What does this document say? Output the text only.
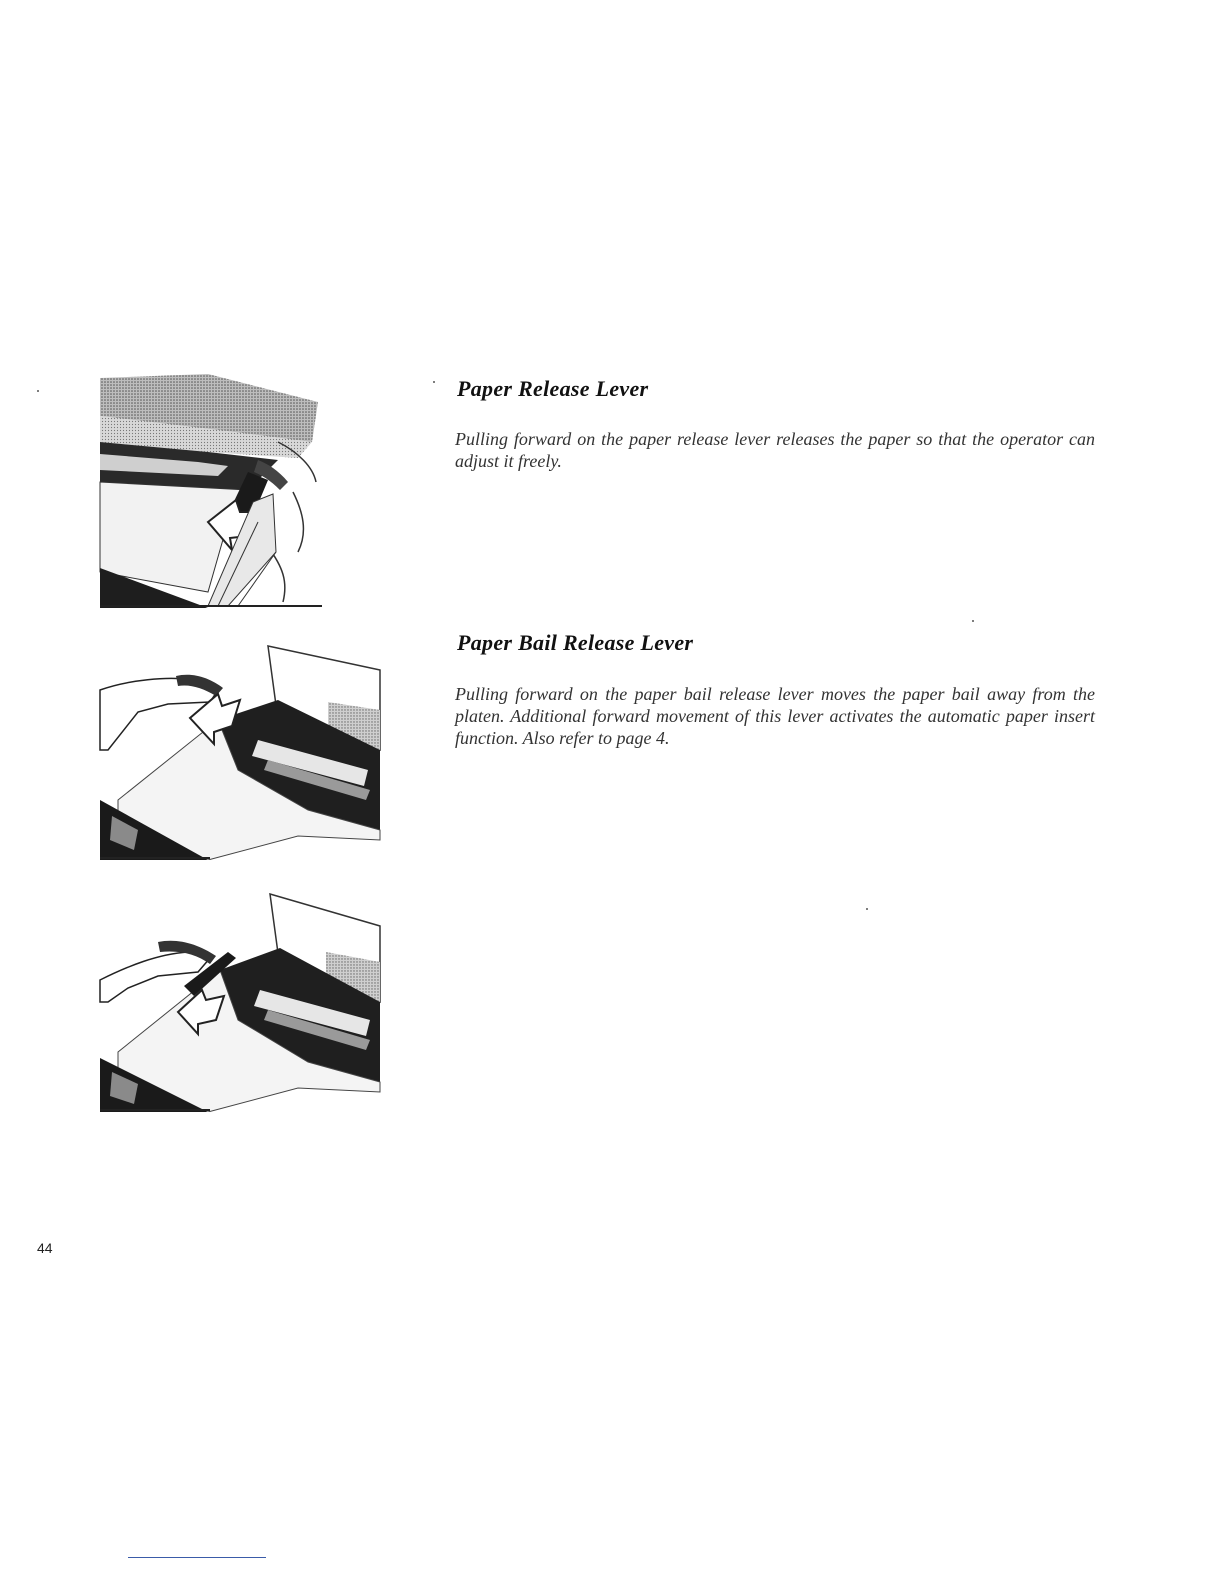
Paper Release Lever

Pulling forward on the paper release lever releases the paper so that the operator can adjust it freely.

Paper Bail Release Lever

Pulling forward on the paper bail release lever moves the paper bail away from the platen. Additional forward movement of this lever activates the automatic paper insert function. Also refer to page 4.

44
